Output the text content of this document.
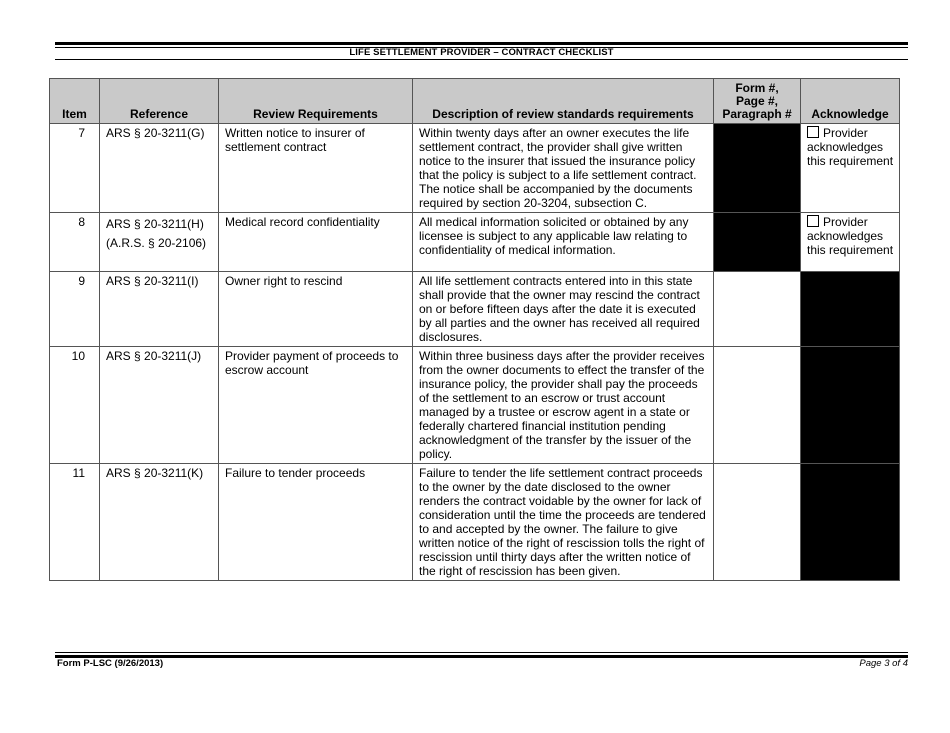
LIFE SETTLEMENT PROVIDER – CONTRACT CHECKLIST
Item	Reference	Review Requirements	Description of review standards requirements	Form #,
Page #,
Paragraph #	Acknowledge
7	ARS § 20-3211(G)	Written notice to insurer of settlement contract	Within twenty days after an owner executes the life settlement contract, the provider shall give written notice to the insurer that issued the insurance policy that the policy is subject to a life settlement contract. The notice shall be accompanied by the documents required by section 20-3204, subsection C.		Provider acknowledges this requirement
8	ARS § 20-3211(H)
(A.R.S. § 20-2106)	Medical record confidentiality	All medical information solicited or obtained by any licensee is subject to any applicable law relating to confidentiality of medical information.		Provider acknowledges this requirement
9	ARS § 20-3211(I)	Owner right to rescind	All life settlement contracts entered into in this state shall provide that the owner may rescind the contract on or before fifteen days after the date it is executed by all parties and the owner has received all required disclosures.		
10	ARS § 20-3211(J)	Provider payment of proceeds to escrow account	Within three business days after the provider receives from the owner documents to effect the transfer of the insurance policy, the provider shall pay the proceeds of the settlement to an escrow or trust account managed by a trustee or escrow agent in a state or federally chartered financial institution pending acknowledgment of the transfer by the issuer of the policy.		
11	ARS § 20-3211(K)	Failure to tender proceeds	Failure to tender the life settlement contract proceeds to the owner by the date disclosed to the owner renders the contract voidable by the owner for lack of consideration until the time the proceeds are tendered to and accepted by the owner. The failure to give written notice of the right of rescission tolls the right of rescission until thirty days after the written notice of the right of rescission has been given.		
Form P-LSC (9/26/2013)	Page 3 of 4
